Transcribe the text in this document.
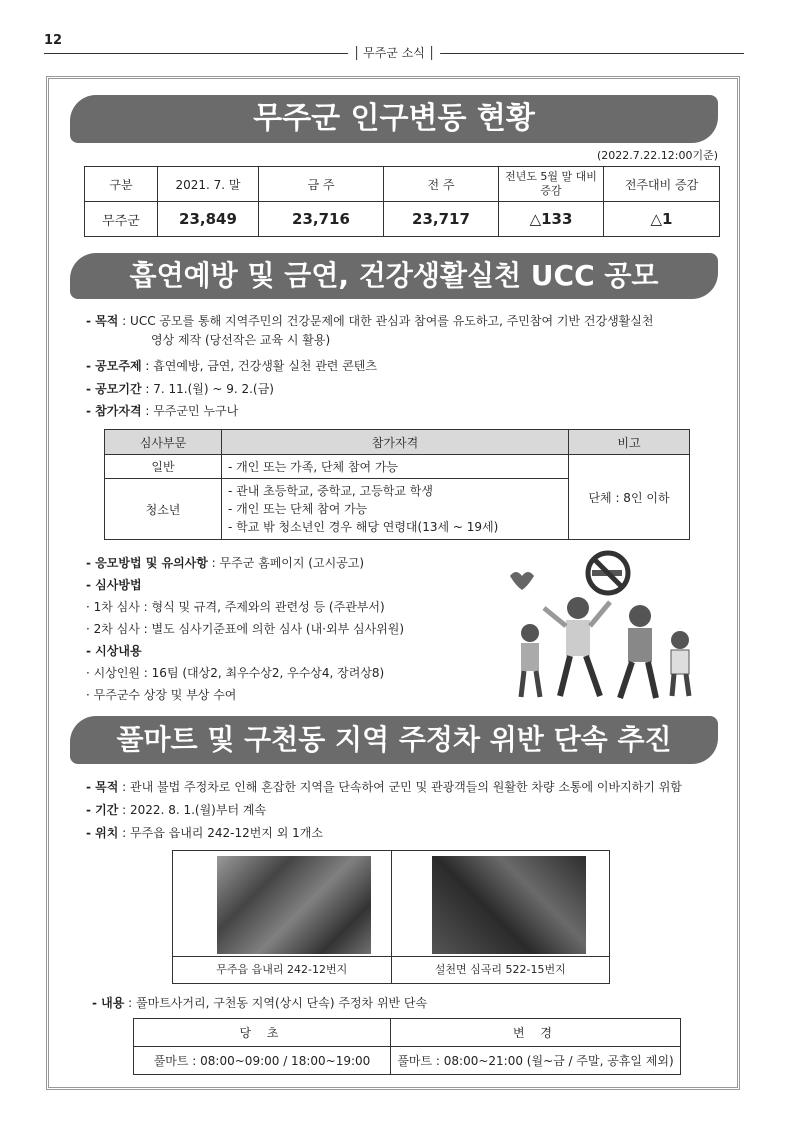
12
무주군 소식
무주군 인구변동 현황
(2022.7.22.12:00기준)
구분	2021. 7. 말	금 주	전 주	전년도 5월 말 대비 증감	전주대비 증감
무주군	23,849	23,716	23,717	△133	△1
흡연예방 및 금연, 건강생활실천 UCC 공모
- 목적 : UCC 공모를 통해 지역주민의 건강문제에 대한 관심과 참여를 유도하고, 주민참여 기반 건강생활실천
영상 제작 (당선작은 교육 시 활용)
- 공모주제 : 흡연예방, 금연, 건강생활 실천 관련 콘텐츠
- 공모기간 : 7. 11.(월) ~ 9. 2.(금)
- 참가자격 : 무주군민 누구나
심사부문	참가자격	비고
일반	- 개인 또는 가족, 단체 참여 가능	단체 : 8인 이하
청소년	- 관내 초등학교, 중학교, 고등학교 학생
- 개인 또는 단체 참여 가능
- 학교 밖 청소년인 경우 해당 연령대(13세 ~ 19세)	
- 응모방법 및 유의사항 : 무주군 홈페이지 (고시공고)
- 심사방법
· 1차 심사 : 형식 및 규격, 주제와의 관련성 등 (주관부서)
· 2차 심사 : 별도 심사기준표에 의한 심사 (내·외부 심사위원)
- 시상내용
· 시상인원 : 16팀 (대상2, 최우수상2, 우수상4, 장려상8)
· 무주군수 상장 및 부상 수여
풀마트 및 구천동 지역 주정차 위반 단속 추진
- 목적 : 관내 불법 주정차로 인해 혼잡한 지역을 단속하여 군민 및 관광객들의 원활한 차량 소통에 이바지하기 위함
- 기간 : 2022. 8. 1.(월)부터 계속
- 위치 : 무주읍 읍내리 242-12번지 외 1개소
무주읍 읍내리 242-12번지	설천면 심곡리 522-15번지
- 내용 : 풀마트사거리, 구천동 지역(상시 단속) 주정차 위반 단속
당 초	변 경
풀마트 : 08:00~09:00 / 18:00~19:00	풀마트 : 08:00~21:00 (월~금 / 주말, 공휴일 제외)
